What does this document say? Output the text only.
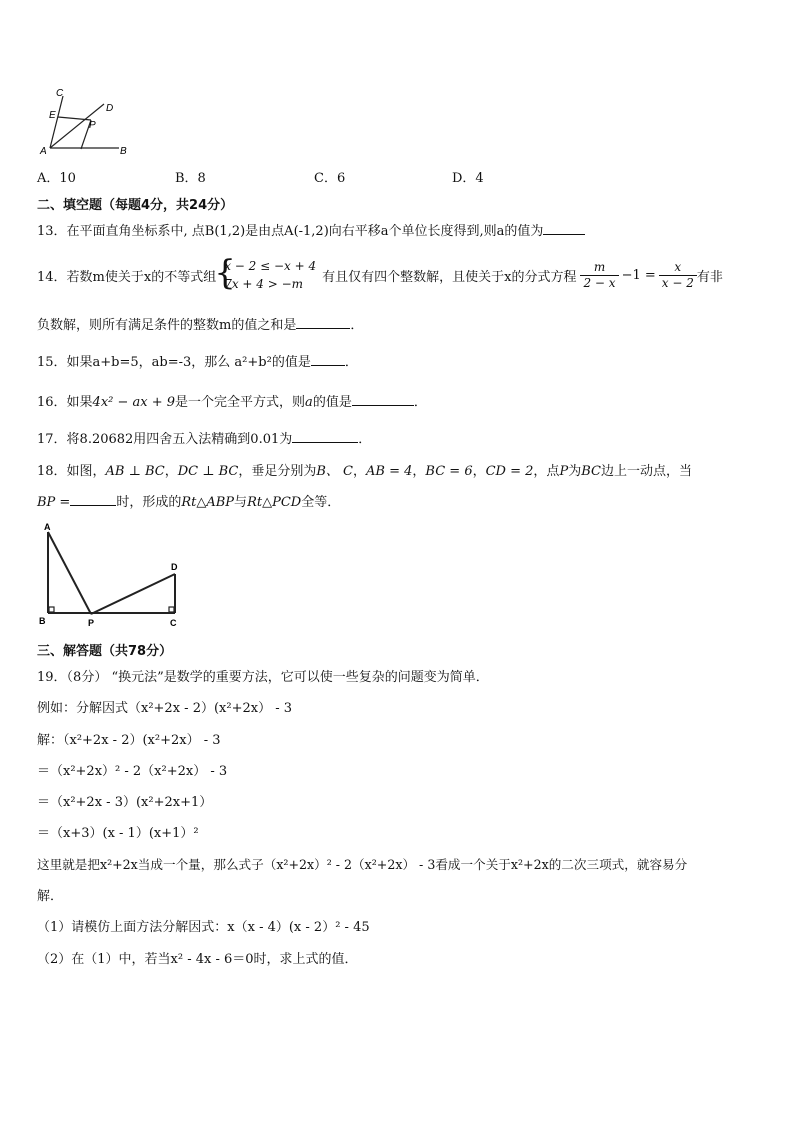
C
D
E
P
A	B
A．10	B．8	C．6	D．4
二、填空题（每题4分，共24分）
13．在平面直角坐标系中, 点B(1,2)是由点A(-1,2)向右平移a个单位长度得到,则a的值为
14．若数m使关于x的不等式组
{
x − 2 ≤ −x + 4
7x + 4 > −m	有且仅有四个整数解，且使关于x的分式方程 $\frac{m}{2 - x} -1 = \frac{x}{x - 2}$ 有非
负数解，则所有满足条件的整数m的值之和是	．
15．如果a+b=5，ab=-3，那么 a²+b²的值是	．
16．如果4x² − ax + 9是一个完全平方式，则a的值是	．
17．将8.20682用四舍五入法精确到0.01为	．
18．如图，AB ⊥ BC，DC ⊥ BC，垂足分别为B、 C，AB = 4，BC = 6，CD = 2，点P为BC边上一动点，当
BP =	时，形成的Rt△ABP与Rt△PCD全等．
A
D
B	P	C
三、解答题（共78分）
19．（8分） “换元法”是数学的重要方法，它可以使一些复杂的问题变为简单．
例如：分解因式（x²+2x - 2）(x²+2x） - 3
解：（x²+2x - 2）(x²+2x） - 3
＝（x²+2x）² - 2（x²+2x） - 3
＝（x²+2x - 3）(x²+2x+1）
＝（x+3）(x - 1）(x+1）²
这里就是把x²+2x当成一个量，那么式子（x²+2x）² - 2（x²+2x） - 3看成一个关于x²+2x的二次三项式，就容易分
解．
（1）请模仿上面方法分解因式：x（x - 4）(x - 2）² - 45
（2）在（1）中，若当x² - 4x - 6＝0时，求上式的值．
